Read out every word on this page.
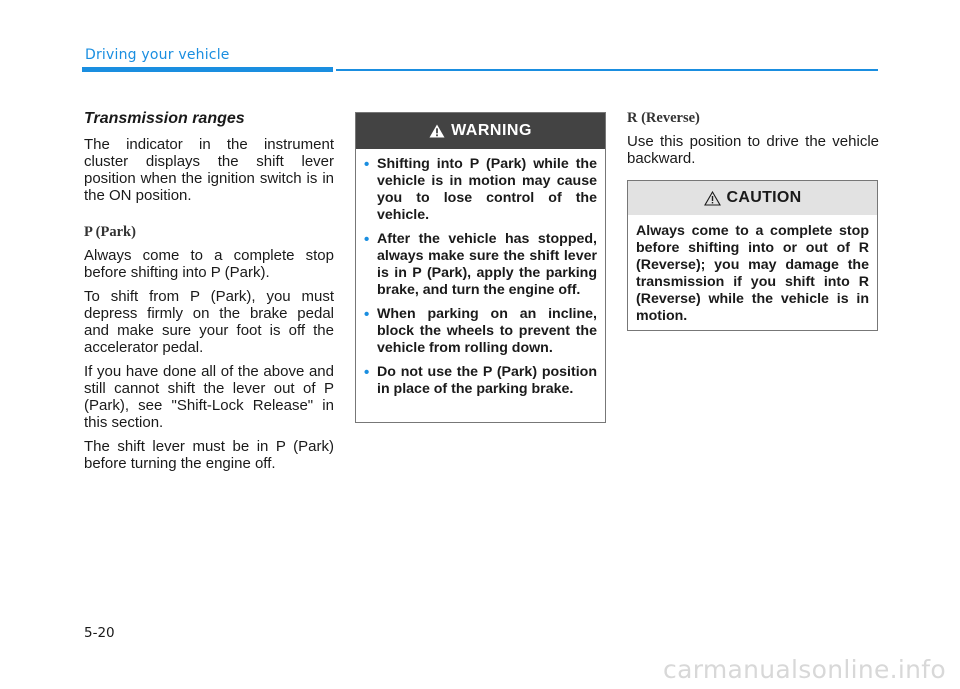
Driving your vehicle
Transmission ranges

The indicator in the instrument cluster displays the shift lever position when the ignition switch is in the ON position.

P (Park)

Always come to a complete stop before shifting into P (Park).

To shift from P (Park), you must depress firmly on the brake pedal and make sure your foot is off the accelerator pedal.

If you have done all of the above and still cannot shift the lever out of P (Park), see "Shift-Lock Release" in this section.

The shift lever must be in P (Park) before turning the engine off.

WARNING
• Shifting into P (Park) while the vehicle is in motion may cause you to lose control of the vehicle.
• After the vehicle has stopped, always make sure the shift lever is in P (Park), apply the parking brake, and turn the engine off.
• When parking on an incline, block the wheels to prevent the vehicle from rolling down.
• Do not use the P (Park) position in place of the parking brake.
R (Reverse)

Use this position to drive the vehicle backward.

CAUTION
Always come to a complete stop before shifting into or out of R (Reverse); you may damage the transmission if you shift into R (Reverse) while the vehicle is in motion.
5-20
carmanualsonline.info
